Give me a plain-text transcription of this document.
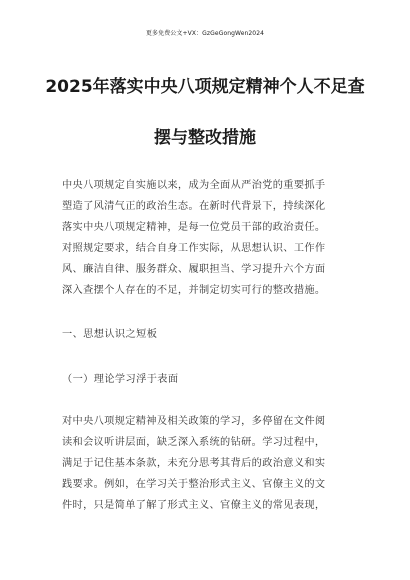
更多免费公文+VX：GzGeGongWen2024
2025年落实中央八项规定精神个人不足查
摆与整改措施
中央八项规定自实施以来，成为全面从严治党的重要抓手
塑造了风清气正的政治生态。在新时代背景下，持续深化
落实中央八项规定精神，是每一位党员干部的政治责任。
对照规定要求，结合自身工作实际，从思想认识、工作作
风、廉洁自律、服务群众、履职担当、学习提升六个方面
深入查摆个人存在的不足，并制定切实可行的整改措施。
一、思想认识之短板
（一）理论学习浮于表面
对中央八项规定精神及相关政策的学习，多停留在文件阅
读和会议听讲层面，缺乏深入系统的钻研。学习过程中，
满足于记住基本条款，未充分思考其背后的政治意义和实
践要求。例如，在学习关于整治形式主义、官僚主义的文
件时，只是简单了解了形式主义、官僚主义的常见表现，
